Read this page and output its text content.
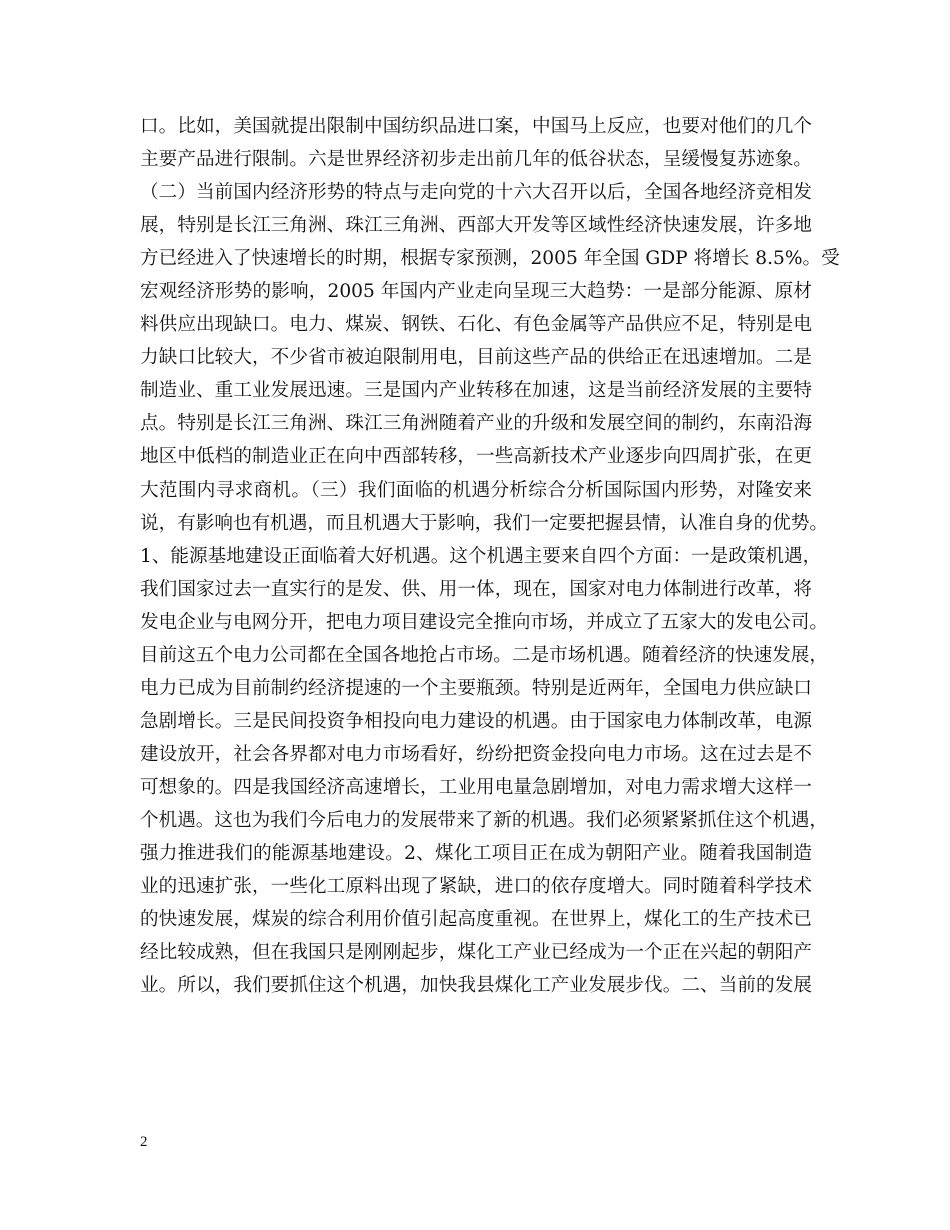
口。比如，美国就提出限制中国纺织品进口案，中国马上反应，也要对他们的几个
主要产品进行限制。六是世界经济初步走出前几年的低谷状态，呈缓慢复苏迹象。
（二）当前国内经济形势的特点与走向党的十六大召开以后，全国各地经济竞相发
展，特别是长江三角洲、珠江三角洲、西部大开发等区域性经济快速发展，许多地
方已经进入了快速增长的时期，根据专家预测，2005 年全国 GDP 将增长 8.5%。受
宏观经济形势的影响，2005 年国内产业走向呈现三大趋势：一是部分能源、原材
料供应出现缺口。电力、煤炭、钢铁、石化、有色金属等产品供应不足，特别是电
力缺口比较大，不少省市被迫限制用电，目前这些产品的供给正在迅速增加。二是
制造业、重工业发展迅速。三是国内产业转移在加速，这是当前经济发展的主要特
点。特别是长江三角洲、珠江三角洲随着产业的升级和发展空间的制约，东南沿海
地区中低档的制造业正在向中西部转移，一些高新技术产业逐步向四周扩张，在更
大范围内寻求商机。（三）我们面临的机遇分析综合分析国际国内形势，对隆安来
说，有影响也有机遇，而且机遇大于影响，我们一定要把握县情，认准自身的优势。
1、能源基地建设正面临着大好机遇。这个机遇主要来自四个方面：一是政策机遇，
我们国家过去一直实行的是发、供、用一体，现在，国家对电力体制进行改革，将
发电企业与电网分开，把电力项目建设完全推向市场，并成立了五家大的发电公司。
目前这五个电力公司都在全国各地抢占市场。二是市场机遇。随着经济的快速发展，
电力已成为目前制约经济提速的一个主要瓶颈。特别是近两年，全国电力供应缺口
急剧增长。三是民间投资争相投向电力建设的机遇。由于国家电力体制改革，电源
建设放开，社会各界都对电力市场看好，纷纷把资金投向电力市场。这在过去是不
可想象的。四是我国经济高速增长，工业用电量急剧增加，对电力需求增大这样一
个机遇。这也为我们今后电力的发展带来了新的机遇。我们必须紧紧抓住这个机遇，
强力推进我们的能源基地建设。2、煤化工项目正在成为朝阳产业。随着我国制造
业的迅速扩张，一些化工原料出现了紧缺，进口的依存度增大。同时随着科学技术
的快速发展，煤炭的综合利用价值引起高度重视。在世界上，煤化工的生产技术已
经比较成熟，但在我国只是刚刚起步，煤化工产业已经成为一个正在兴起的朝阳产
业。所以，我们要抓住这个机遇，加快我县煤化工产业发展步伐。二、当前的发展
2
